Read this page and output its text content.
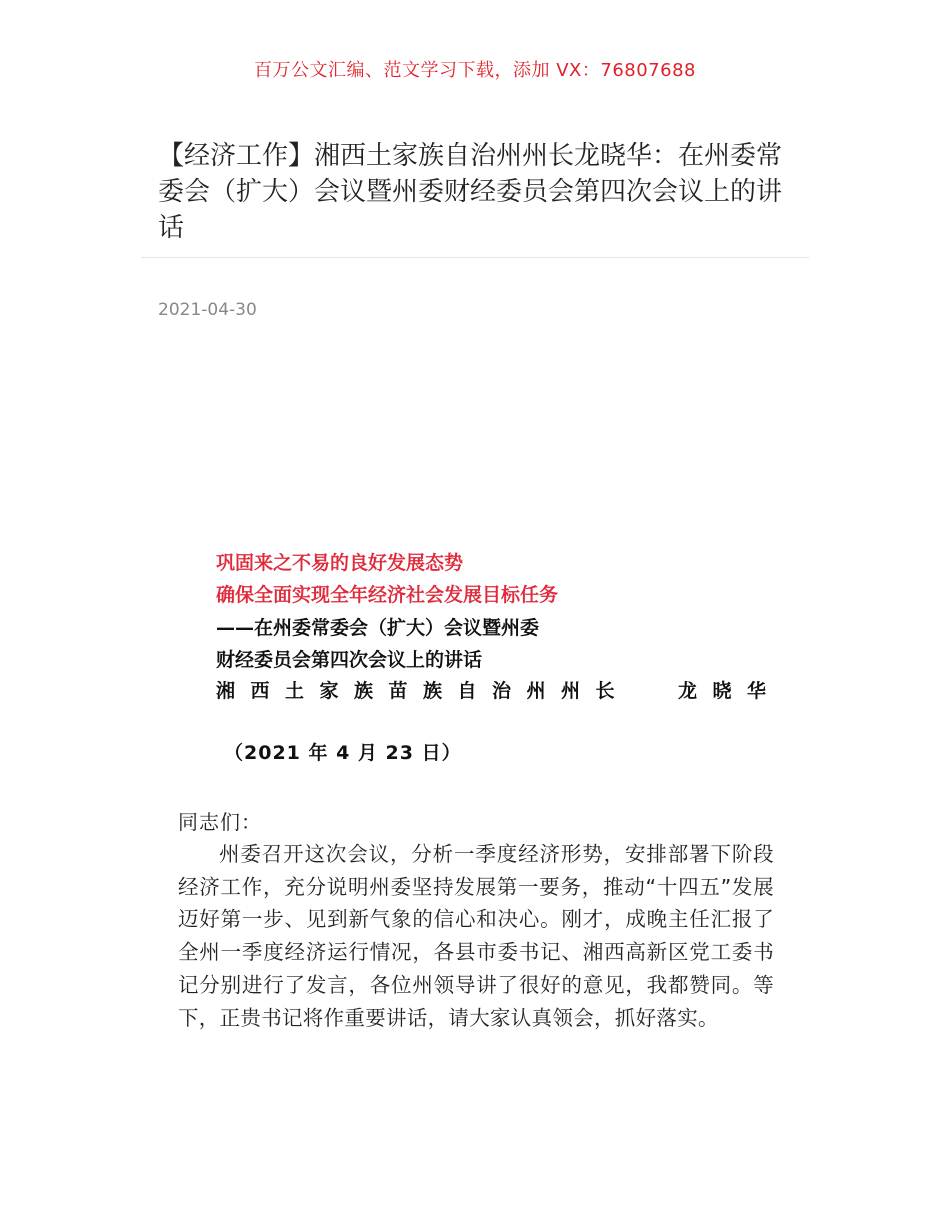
百万公文汇编、范文学习下载，添加 VX：76807688
【经济工作】湘西土家族自治州州长龙晓华：在州委常委会（扩大）会议暨州委财经委员会第四次会议上的讲话
2021-04-30
巩固来之不易的良好发展态势
确保全面实现全年经济社会发展目标任务
——在州委常委会（扩大）会议暨州委
财经委员会第四次会议上的讲话
湘西土家族苗族自治州州长	龙晓华
（2021 年 4 月 23 日）
同志们：

州委召开这次会议，分析一季度经济形势，安排部署下阶段经济工作，充分说明州委坚持发展第一要务，推动“十四五”发展迈好第一步、见到新气象的信心和决心。刚才，成晚主任汇报了全州一季度经济运行情况，各县市委书记、湘西高新区党工委书记分别进行了发言，各位州领导讲了很好的意见，我都赞同。等下，正贵书记将作重要讲话，请大家认真领会，抓好落实。
